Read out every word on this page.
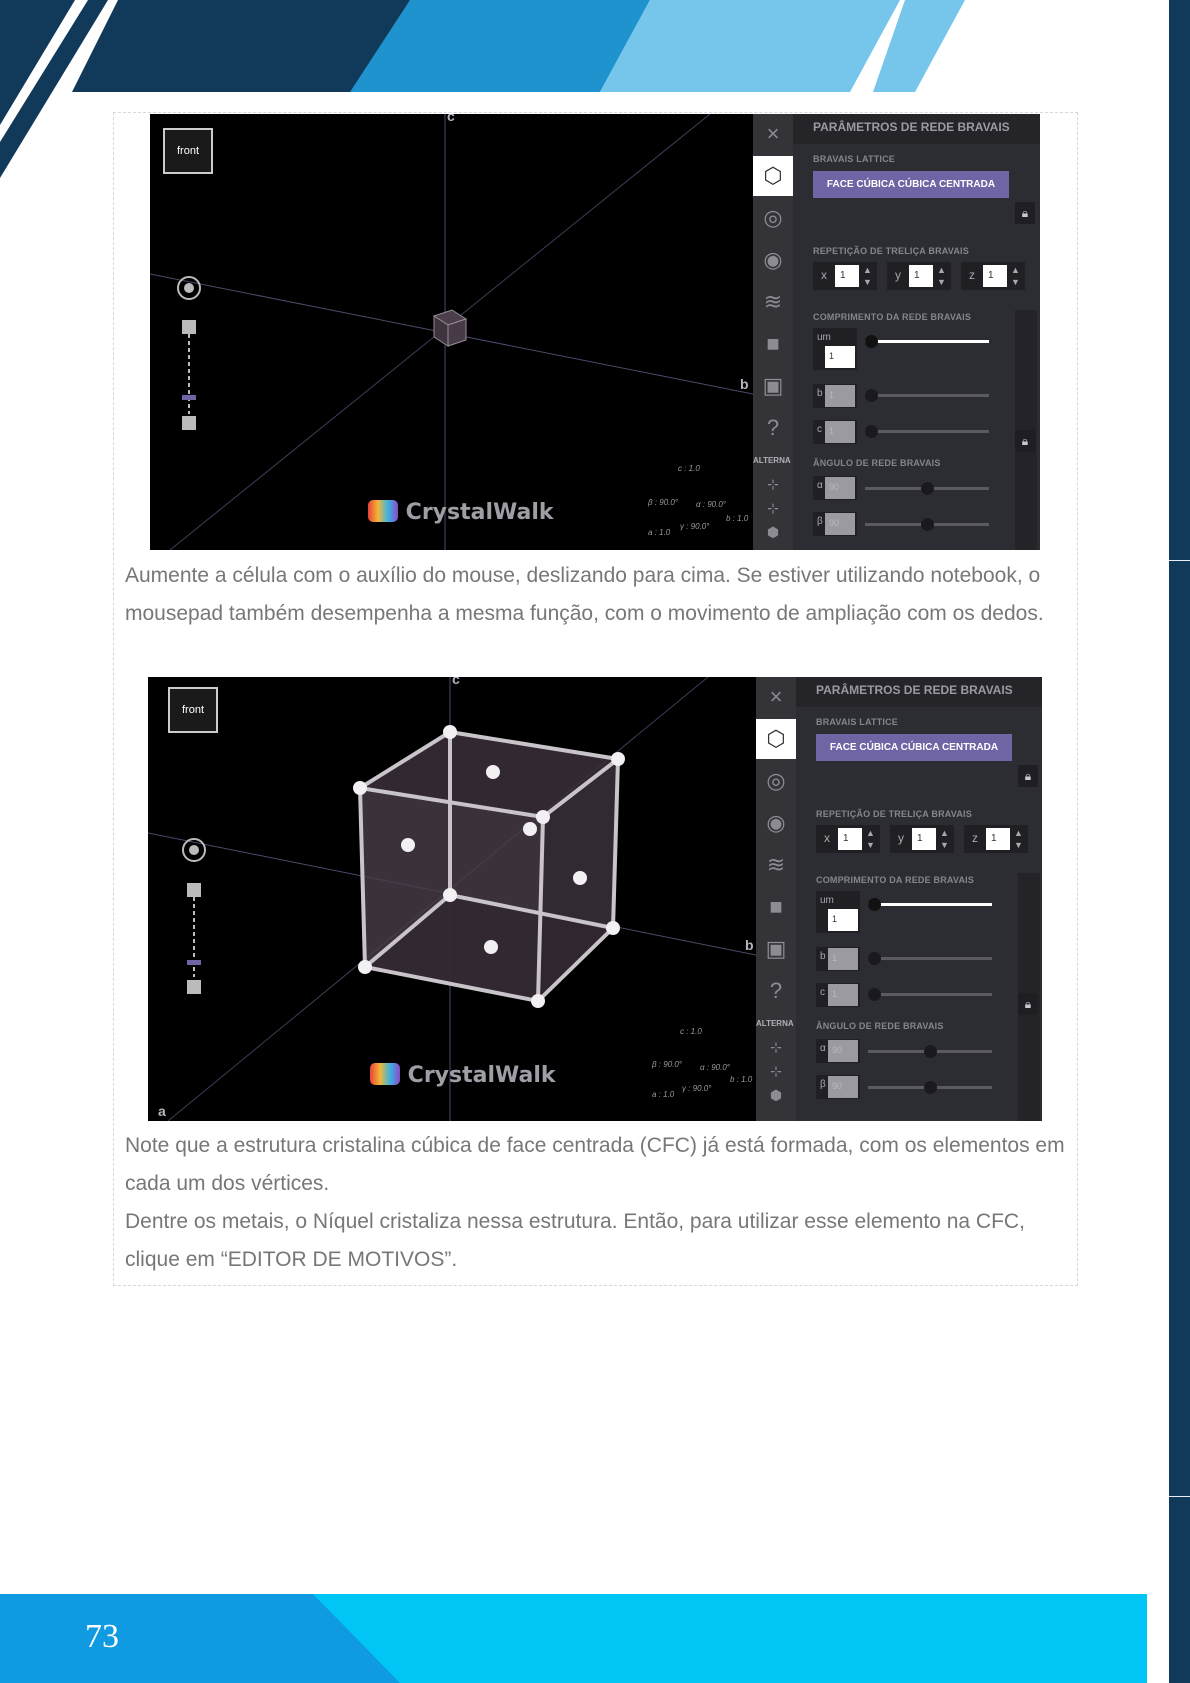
front
c
b
CrystalWalk
c : 1.0
β : 90.0° α : 90.0°
b : 1.0
γ : 90.0°
a : 1.0
×
⬡
◎
◉
≋
■
▣
?
ALTERNA
⊹
⊹
⬢
PARÂMETROS DE REDE BRAVAIS
BRAVAIS LATTICE
FACE CÚBICA CÚBICA CENTRADA
🔒︎
REPETIÇÃO DE TRELIÇA BRAVAIS
x	1	▲
▼ y	1	▲
▼ z	1	▲
▼
COMPRIMENTO DA REDE BRAVAIS
🔒︎
um
1
b 1
c 1
ÂNGULO DE REDE BRAVAIS
α 90
β 90
Aumente a célula com o auxílio do mouse, deslizando para cima. Se estiver utilizando notebook, o mousepad também desempenha a mesma função, com o movimento de ampliação com os dedos.
front
c
b
a
CrystalWalk
c : 1.0
β : 90.0° α : 90.0°
b : 1.0
γ : 90.0°
a : 1.0
×
⬡
◎
◉
≋
■
▣
?
ALTERNA
⊹
⊹
⬢
PARÂMETROS DE REDE BRAVAIS
BRAVAIS LATTICE
FACE CÚBICA CÚBICA CENTRADA
🔒︎
REPETIÇÃO DE TRELIÇA BRAVAIS
x	1	▲
▼ y	1	▲
▼ z	1	▲
▼
COMPRIMENTO DA REDE BRAVAIS
🔒︎
um
1
b 1
c 1
ÂNGULO DE REDE BRAVAIS
α 90
β 90
Note que a estrutura cristalina cúbica de face centrada (CFC) já está formada, com os elementos em cada um dos vértices.
Dentre os metais, o Níquel cristaliza nessa estrutura. Então, para utilizar esse elemento na CFC, clique em “EDITOR DE MOTIVOS”.
73
